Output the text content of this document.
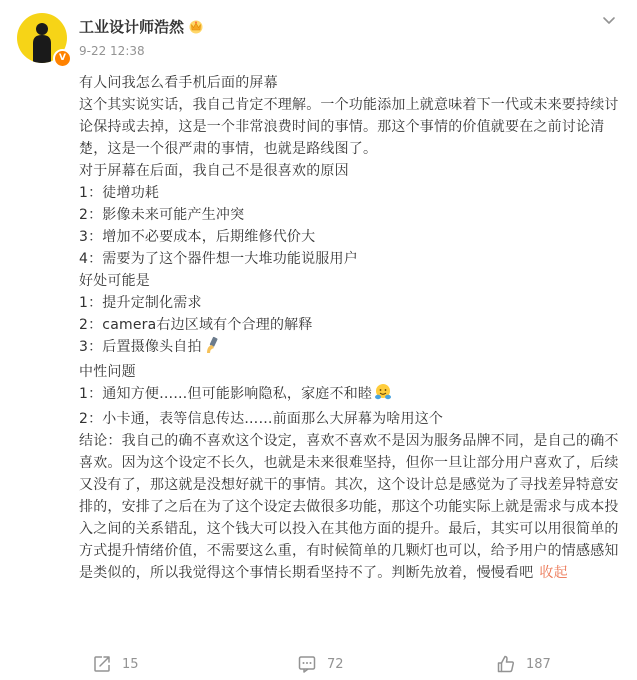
V
工业设计师浩然
9-22 12:38

有人问我怎么看手机后面的屏幕

这个其实说实话，我自己肯定不理解。一个功能添加上就意味着下一代或未来要持续讨论保持或去掉，这是一个非常浪费时间的事情。那这个事情的价值就要在之前讨论清楚，这是一个很严肃的事情，也就是路线图了。

对于屏幕在后面，我自己不是很喜欢的原因

1：徒增功耗

2：影像未来可能产生冲突

3：增加不必要成本，后期维修代价大

4：需要为了这个器件想一大堆功能说服用户

好处可能是

1：提升定制化需求

2：camera右边区域有个合理的解释

3：后置摄像头自拍

中性问题

1：通知方便……但可能影响隐私，家庭不和睦

2：小卡通，表等信息传达……前面那么大屏幕为啥用这个

结论：我自己的确不喜欢这个设定，喜欢不喜欢不是因为服务品牌不同，是自己的确不喜欢。因为这个设定不长久，也就是未来很难坚持，但你一旦让部分用户喜欢了，后续又没有了，那这就是没想好就干的事情。其次，这个设计总是感觉为了寻找差异特意安排的，安排了之后在为了这个设定去做很多功能，那这个功能实际上就是需求与成本投入之间的关系错乱，这个钱大可以投入在其他方面的提升。最后，其实可以用很简单的方式提升情绪价值，不需要这么重，有时候简单的几颗灯也可以，给予用户的情感感知是类似的，所以我觉得这个事情长期看坚持不了。判断先放着，慢慢看吧 收起

15	72	187
